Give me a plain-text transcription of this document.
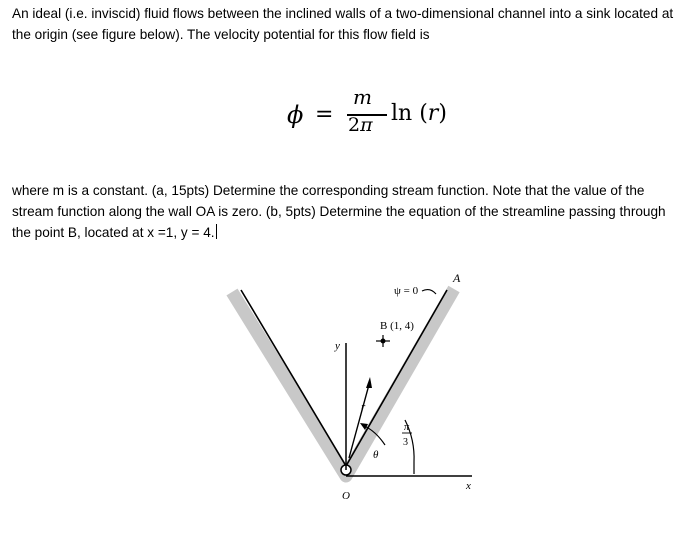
An ideal (i.e. inviscid) fluid flows between the inclined walls of a two-dimensional channel into a sink located at the origin (see figure below). The velocity potential for this flow field is

ϕ =
m
2π ln (r)

where m is a constant. (a, 15pts) Determine the corresponding stream function. Note that the value of the stream function along the wall OA is zero. (b, 5pts) Determine the equation of the streamline passing through the point B, located at x =1, y = 4.

ψ = 0
A
B (1, 4)
y
r
θ
π
3
x
O
